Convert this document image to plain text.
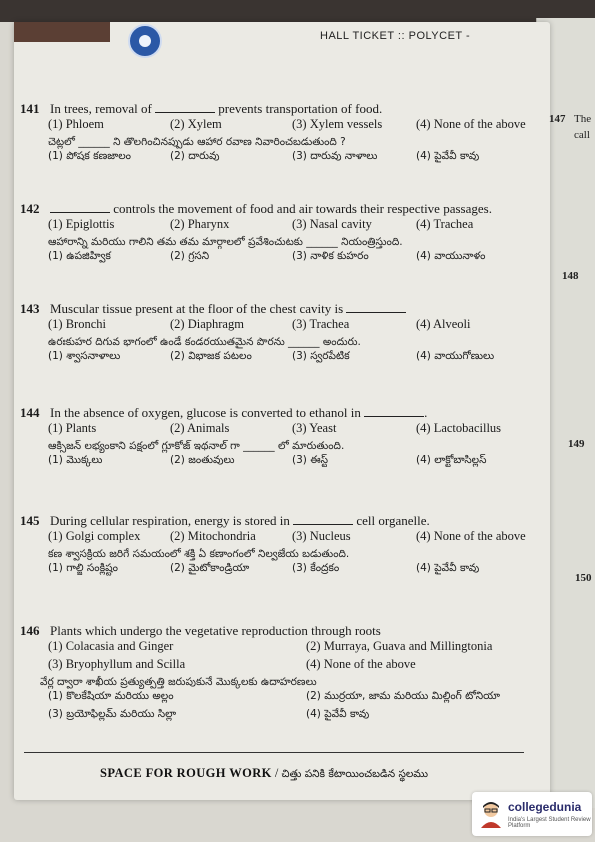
HALL TICKET :: POLYCET -
147 The
call
148
149
150
141 In trees, removal of	prevents transportation of food.
(1) Phloem	(2) Xylem	(3) Xylem vessels	(4) None of the above
చెట్లలో ______ ని తొలగించినప్పుడు ఆహార రవాణ నివారించబడుతుంది ?
(1) పోషక కణజాలం	(2) దారువు	(3) దారువు నాళాలు	(4) పైవేవీ కావు
142	controls the movement of food and air towards their respective passages.
(1) Epiglottis	(2) Pharynx	(3) Nasal cavity	(4) Trachea
ఆహారాన్ని మరియు గాలిని తమ తమ మార్గాలలో ప్రవేశించుటకు ______ నియంత్రిస్తుంది.
(1) ఉపజిహ్విక	(2) గ్రసని	(3) నాళిక కుహరం	(4) వాయునాళం
143 Muscular tissue present at the floor of the chest cavity is
(1) Bronchi	(2) Diaphragm	(3) Trachea	(4) Alveoli
ఉరఃకుహర దిగువ భాగంలో ఉండే కండరయుతమైన పొరను ______ అందురు.
(1) శ్వాసనాళాలు	(2) విభాజక పటలం	(3) స్వరపేటిక	(4) వాయుగోణులు
144 In the absence of oxygen, glucose is converted to ethanol in	.
(1) Plants	(2) Animals	(3) Yeast	(4) Lactobacillus
ఆక్సిజన్ లభ్యంకాని పక్షంలో గ్లూకోజ్ ఇథనాల్ గా ______ లో మారుతుంది.
(1) మొక్కలు	(2) జంతువులు	(3) ఈస్ట్	(4) లాక్టోబాసిల్లస్
145 During cellular respiration, energy is stored in	cell organelle.
(1) Golgi complex (2) Mitochondria	(3) Nucleus	(4) None of the above
కణ శ్వాసక్రియ జరిగే సమయంలో శక్తి ఏ కణాంగంలో నిల్వజేయ బడుతుంది.
(1) గాల్జి సంక్లిష్టం	(2) మైటోకాండ్రియా	(3) కేంద్రకం	(4) పైవేవీ కావు
146 Plants which undergo the vegetative reproduction through roots
(1) Colacasia and Ginger	(2) Murraya, Guava and Millingtonia
(3) Bryophyllum and Scilla	(4) None of the above
వేర్ల ద్వారా శాఖీయ ప్రత్యుత్పత్తి జరుపుకునే మొక్కలకు ఉదాహరణలు
(1) కొలకేషియా మరియు అల్లం	(2) ముర్రయా, జామ మరియు మిల్లింగ్ టోనియా
(3) బ్రయోఫిల్లమ్ మరియు సిల్లా	(4) పైవేవీ కావు
SPACE FOR ROUGH WORK / చిత్తు పనికి కేటాయించబడిన స్థలము
collegedunia
India's Largest Student Review Platform
